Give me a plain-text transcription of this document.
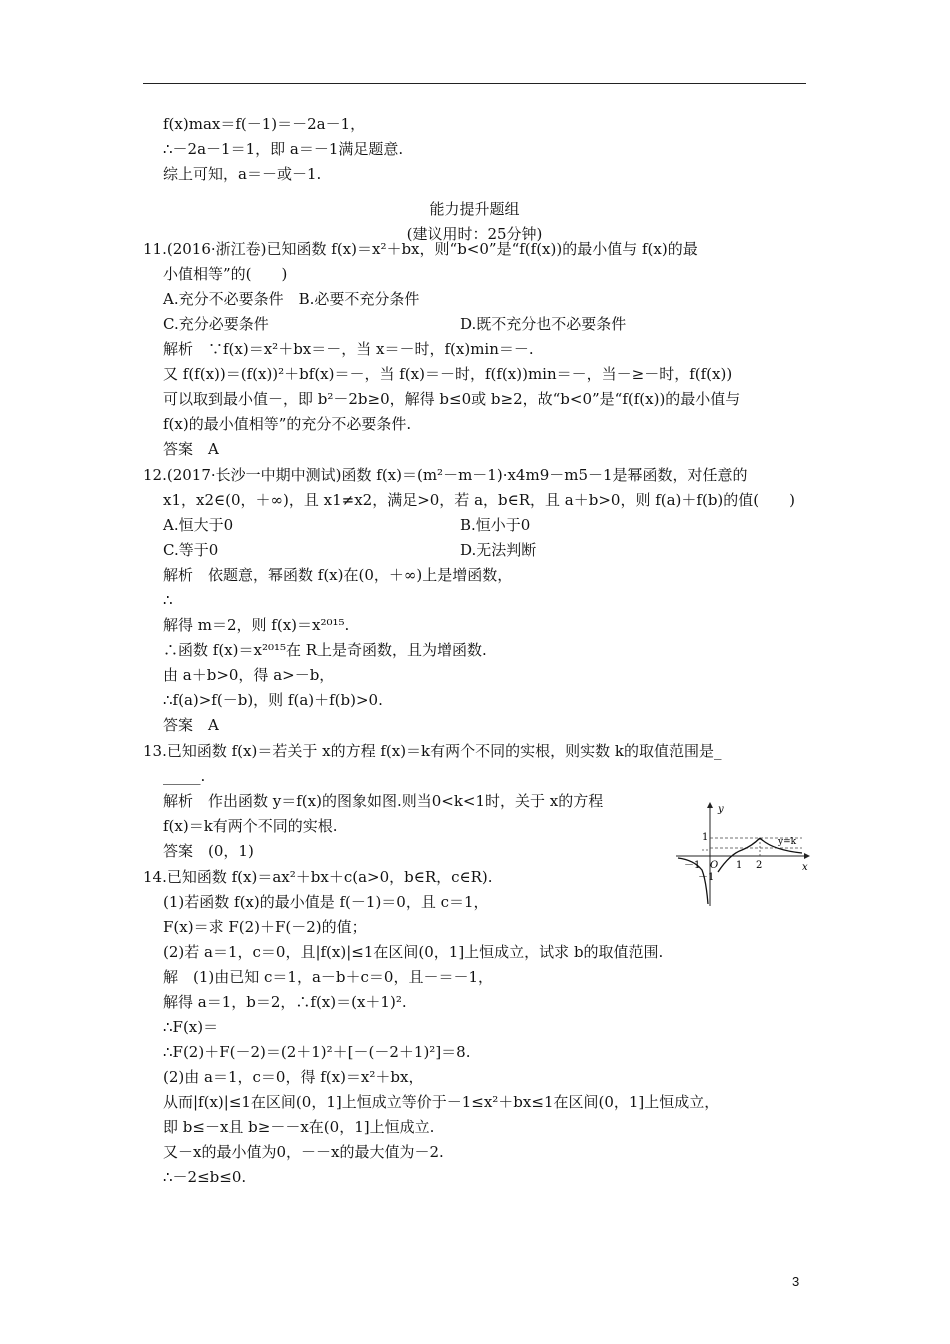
能力提升题组
(建议用时：25分钟)
f(x)max＝f(－1)＝－2a－1，
∴－2a－1＝1，即 a＝－1满足题意.
综上可知，a＝－或－1.
11.(2016·浙江卷)已知函数 f(x)＝x²＋bx，则“b<0”是“f(f(x))的最小值与 f(x)的最
小值相等”的(　　)
A.充分不必要条件　B.必要不充分条件
C.充分必要条件	D.既不充分也不必要条件
解析　∵f(x)＝x²＋bx＝－，当 x＝－时，f(x)min＝－.
又 f(f(x))＝(f(x))²＋bf(x)＝－，当 f(x)＝－时，f(f(x))min＝－，当－≥－时，f(f(x))
可以取到最小值－，即 b²－2b≥0，解得 b≤0或 b≥2，故“b<0”是“f(f(x))的最小值与
f(x)的最小值相等”的充分不必要条件.
答案　A
12.(2017·长沙一中期中测试)函数 f(x)＝(m²－m－1)·x4m9－m5－1是幂函数，对任意的
x1，x2∈(0，＋∞)，且 x1≠x2，满足>0，若 a，b∈R，且 a＋b>0，则 f(a)＋f(b)的值(　　)
A.恒大于0	B.恒小于0
C.等于0	D.无法判断
解析　依题意，幂函数 f(x)在(0，＋∞)上是增函数，
∴
解得 m＝2，则 f(x)＝x²⁰¹⁵.
∴函数 f(x)＝x²⁰¹⁵在 R上是奇函数，且为增函数.
由 a＋b>0，得 a>－b，
∴f(a)>f(－b)，则 f(a)＋f(b)>0.
答案　A
13.已知函数 f(x)＝若关于 x的方程 f(x)＝k有两个不同的实根，则实数 k的取值范围是_
_____.
解析　作出函数 y＝f(x)的图象如图.则当0<k<1时，关于 x的方程
f(x)＝k有两个不同的实根.
答案　(0，1)
14.已知函数 f(x)＝ax²＋bx＋c(a>0，b∈R，c∈R).
(1)若函数 f(x)的最小值是 f(－1)＝0，且 c＝1，
F(x)＝求 F(2)＋F(－2)的值；
(2)若 a＝1，c＝0，且|f(x)|≤1在区间(0，1]上恒成立，试求 b的取值范围.
解　(1)由已知 c＝1，a－b＋c＝0，且－＝－1，
解得 a＝1，b＝2，∴f(x)＝(x＋1)².
∴F(x)＝
∴F(2)＋F(－2)＝(2＋1)²＋[－(－2＋1)²]＝8.
(2)由 a＝1，c＝0，得 f(x)＝x²＋bx，
从而|f(x)|≤1在区间(0，1]上恒成立等价于－1≤x²＋bx≤1在区间(0，1]上恒成立，
即 b≤－x且 b≥－－x在(0，1]上恒成立.
又－x的最小值为0，－－x的最大值为－2.
∴－2≤b≤0.
y
x
O
y=k
－1	1 2
1
－1
3
